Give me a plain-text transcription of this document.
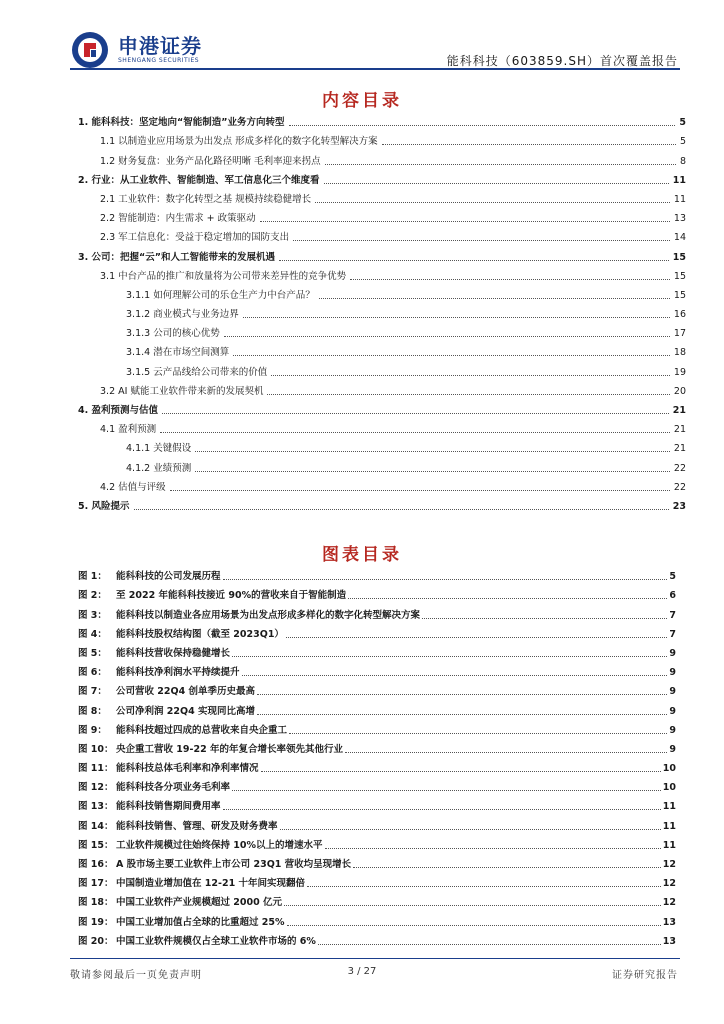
申港证券
SHENGANG SECURITIES	能科科技（603859.SH）首次覆盖报告
内容目录
1. 能科科技：坚定地向“智能制造”业务方向转型	5
1.1 以制造业应用场景为出发点 形成多样化的数字化转型解决方案	5
1.2 财务复盘：业务产品化路径明晰 毛利率迎来拐点	8
2. 行业：从工业软件、智能制造、军工信息化三个维度看	11
2.1 工业软件：数字化转型之基 规模持续稳健增长	11
2.2 智能制造：内生需求 + 政策驱动	13
2.3 军工信息化：受益于稳定增加的国防支出	14
3. 公司：把握“云”和人工智能带来的发展机遇	15
3.1 中台产品的推广和放量将为公司带来差异性的竞争优势	15
3.1.1 如何理解公司的乐仓生产力中台产品？	15
3.1.2 商业模式与业务边界	16
3.1.3 公司的核心优势	17
3.1.4 潜在市场空间测算	18
3.1.5 云产品线给公司带来的价值	19
3.2 AI 赋能工业软件带来新的发展契机	20
4. 盈利预测与估值	21
4.1 盈利预测	21
4.1.1 关键假设	21
4.1.2 业绩预测	22
4.2 估值与评级	22
5. 风险提示	23
图表目录
图 1： 能科科技的公司发展历程	5
图 2： 至 2022 年能科科技接近 90%的营收来自于智能制造	6
图 3： 能科科技以制造业各应用场景为出发点形成多样化的数字化转型解决方案	7
图 4： 能科科技股权结构图（截至 2023Q1）	7
图 5： 能科科技营收保持稳健增长	9
图 6： 能科科技净利润水平持续提升	9
图 7： 公司营收 22Q4 创单季历史最高	9
图 8： 公司净利润 22Q4 实现同比高增	9
图 9： 能科科技超过四成的总营收来自央企重工	9
图 10： 央企重工营收 19-22 年的年复合增长率领先其他行业	9
图 11： 能科科技总体毛利率和净利率情况	10
图 12： 能科科技各分项业务毛利率	10
图 13： 能科科技销售期间费用率	11
图 14： 能科科技销售、管理、研发及财务费率	11
图 15： 工业软件规模过往始终保持 10%以上的增速水平	11
图 16： A 股市场主要工业软件上市公司 23Q1 营收均呈现增长	12
图 17： 中国制造业增加值在 12-21 十年间实现翻倍	12
图 18： 中国工业软件产业规模超过 2000 亿元	12
图 19： 中国工业增加值占全球的比重超过 25%	13
图 20： 中国工业软件规模仅占全球工业软件市场的 6%	13
敬请参阅最后一页免责声明	3 / 27	证券研究报告
